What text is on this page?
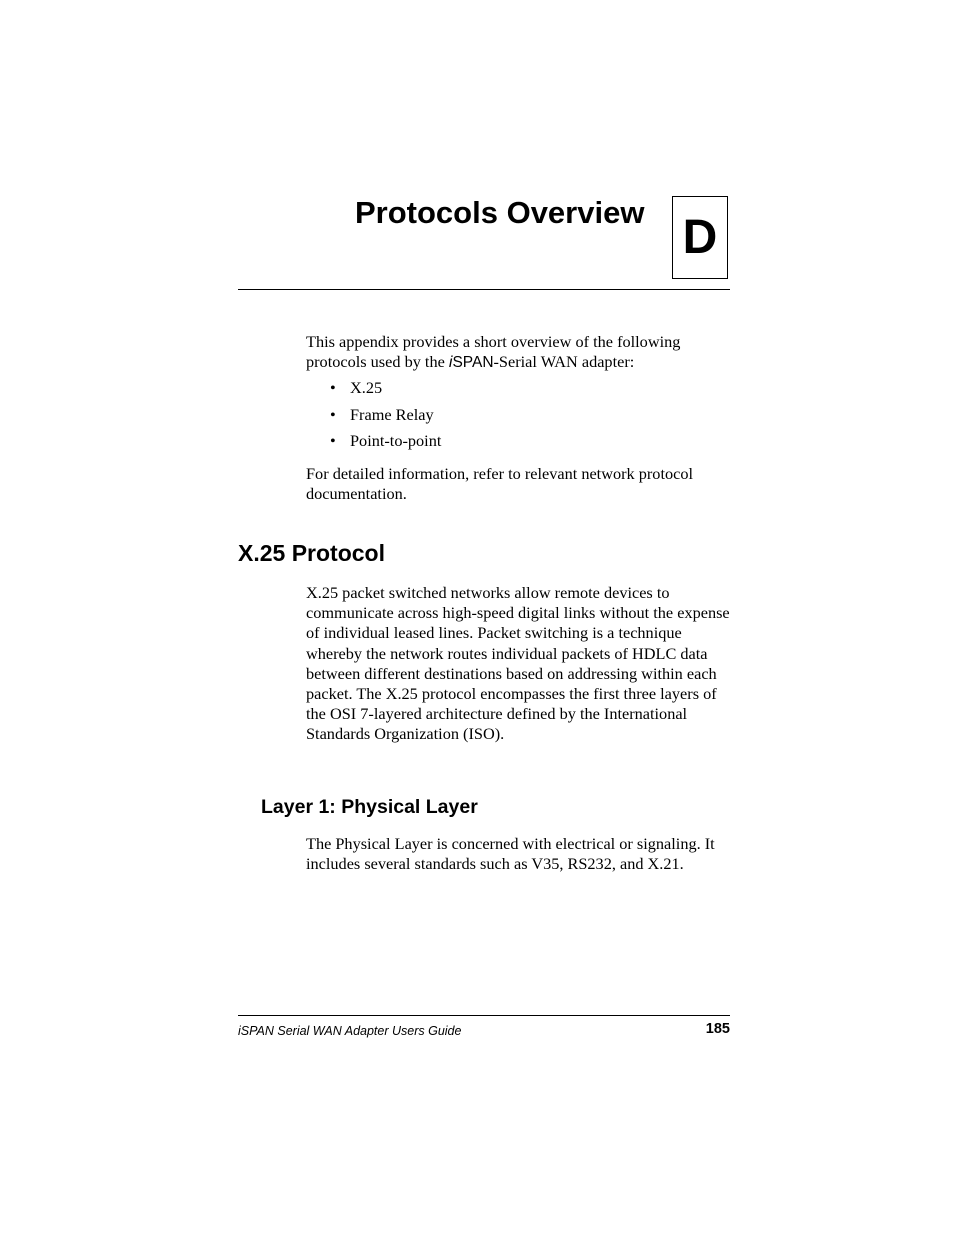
Protocols Overview D

This appendix provides a short overview of the following protocols used by the iSPAN-Serial WAN adapter:

• X.25
• Frame Relay
• Point-to-point

For detailed information, refer to relevant network protocol documentation.

X.25 Protocol

X.25 packet switched networks allow remote devices to communicate across high-speed digital links without the expense of individual leased lines. Packet switching is a technique whereby the network routes individual packets of HDLC data between different destinations based on addressing within each packet. The X.25 protocol encompasses the first three layers of the OSI 7-layered architecture defined by the International Standards Organization (ISO).

Layer 1: Physical Layer

The Physical Layer is concerned with electrical or signaling. It includes several standards such as V35, RS232, and X.21.

iSPAN Serial WAN Adapter Users Guide	185
